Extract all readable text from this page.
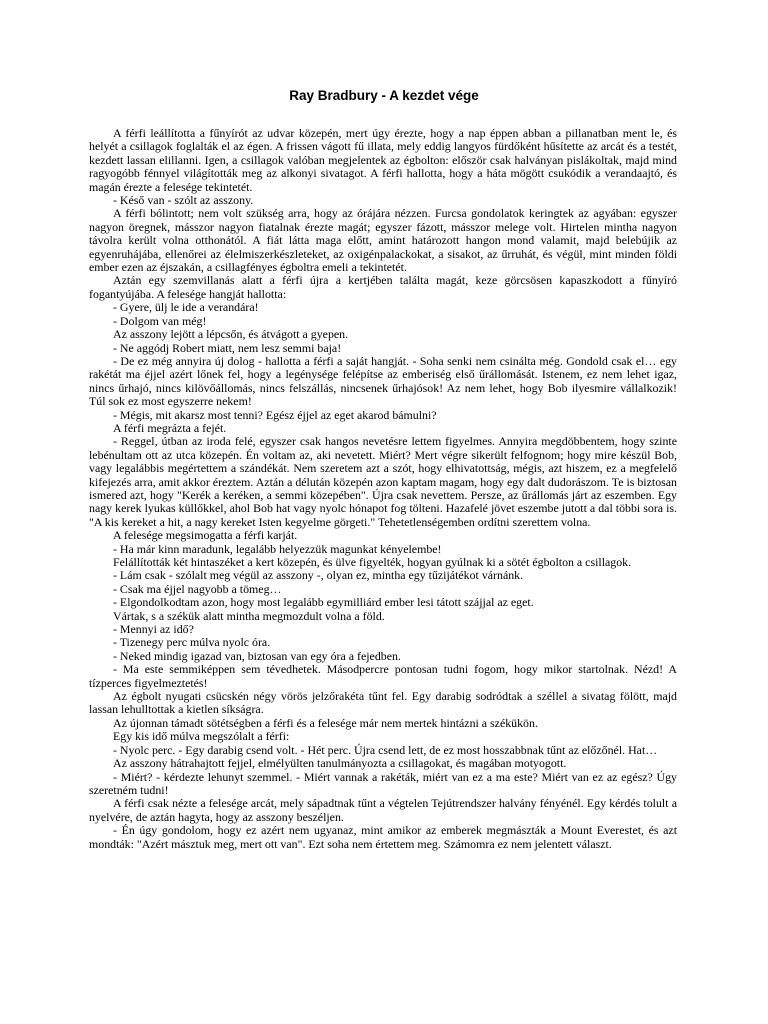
Ray Bradbury - A kezdet vége

A férfi leállította a fűnyírót az udvar közepén, mert úgy érezte, hogy a nap éppen abban a pillanatban ment le, és helyét a csillagok foglalták el az égen. A frissen vágott fű illata, mely eddig langyos fürdőként hűsítette az arcát és a testét, kezdett lassan elillanni. Igen, a csillagok valóban megjelentek az égbolton: először csak halványan pislákoltak, majd mind ragyogóbb fénnyel világították meg az alkonyi sivatagot. A férfi hallotta, hogy a háta mögött csukódik a verandaajtó, és magán érezte a felesége tekintetét.

- Késő van - szólt az asszony.

A férfi bólintott; nem volt szükség arra, hogy az órájára nézzen. Furcsa gondolatok keringtek az agyában: egyszer nagyon öregnek, másszor nagyon fiatalnak érezte magát; egyszer fázott, másszor melege volt. Hirtelen mintha nagyon távolra került volna otthonától. A fiát látta maga előtt, amint határozott hangon mond valamit, majd belebújik az egyenruhájába, ellenőrei az élelmiszerkészleteket, az oxigénpalackokat, a sisakot, az űrruhát, és végül, mint minden földi ember ezen az éjszakán, a csillagfényes égboltra emeli a tekintetét.

Aztán egy szemvillanás alatt a férfi újra a kertjében találta magát, keze görcsösen kapaszkodott a fűnyíró fogantyújába. A felesége hangját hallotta:

- Gyere, ülj le ide a verandára!

- Dolgom van még!

Az asszony lejött a lépcsőn, és átvágott a gyepen.

- Ne aggódj Robert miatt, nem lesz semmi baja!

- De ez még annyira új dolog - hallotta a férfi a saját hangját. - Soha senki nem csinálta még. Gondold csak el… egy rakétát ma éjjel azért lőnek fel, hogy a legénysége felépítse az emberiség első űrállomását. Istenem, ez nem lehet igaz, nincs űrhajó, nincs kilövőállomás, nincs felszállás, nincsenek űrhajósok! Az nem lehet, hogy Bob ilyesmire vállalkozik! Túl sok ez most egyszerre nekem!

- Mégis, mit akarsz most tenni? Egész éjjel az eget akarod bámulni?

A férfi megrázta a fejét.

- Reggel, útban az iroda felé, egyszer csak hangos nevetésre lettem figyelmes. Annyira megdöbbentem, hogy szinte lebénultam ott az utca közepén. Én voltam az, aki nevetett. Miért? Mert végre sikerült felfognom; hogy mire készül Bob, vagy legalábbis megértettem a szándékát. Nem szeretem azt a szót, hogy elhivatottság, mégis, azt hiszem, ez a megfelelő kifejezés arra, amit akkor éreztem. Aztán a délután közepén azon kaptam magam, hogy egy dalt dudorászom. Te is biztosan ismered azt, hogy "Kerék a keréken, a semmi közepében". Újra csak nevettem. Persze, az űrállomás járt az eszemben. Egy nagy kerek lyukas küllőkkel, ahol Bob hat vagy nyolc hónapot fog tölteni. Hazafelé jövet eszembe jutott a dal többi sora is. "A kis kereket a hit, a nagy kereket Isten kegyelme görgeti." Tehetetlenségemben ordítni szerettem volna.

A felesége megsimogatta a férfi karját.

- Ha már kinn maradunk, legalább helyezzük magunkat kényelembe!

Felállították két hintaszéket a kert közepén, és ülve figyelték, hogyan gyúlnak ki a sötét égbolton a csillagok.

- Lám csak - szólalt meg végül az asszony -, olyan ez, mintha egy tűzijátékot várnánk.

- Csak ma éjjel nagyobb a tömeg…

- Elgondolkodtam azon, hogy most legalább egymilliárd ember lesi tátott szájjal az eget.

Vártak, s a székük alatt mintha megmozdult volna a föld.

- Mennyi az idő?

- Tizenegy perc múlva nyolc óra.

- Neked mindig igazad van, biztosan van egy óra a fejedben.

- Ma este semmiképpen sem tévedhetek. Másodpercre pontosan tudni fogom, hogy mikor startolnak. Nézd! A tízperces figyelmeztetés!

Az égbolt nyugati csücskén négy vörös jelzőrakéta tűnt fel. Egy darabig sodródtak a széllel a sivatag fölött, majd lassan lehulltottak a kietlen síkságra.

Az újonnan támadt sötétségben a férfi és a felesége már nem mertek hintázni a székükön.

Egy kis idő múlva megszólalt a férfi:

- Nyolc perc. - Egy darabig csend volt. - Hét perc. Újra csend lett, de ez most hosszabbnak tűnt az előzőnél. Hat…

Az asszony hátrahajtott fejjel, elmélyülten tanulmányozta a csillagokat, és magában motyogott.

- Miért? - kérdezte lehunyt szemmel. - Miért vannak a rakéták, miért van ez a ma este? Miért van ez az egész? Úgy szeretném tudni!

A férfi csak nézte a felesége arcát, mely sápadtnak tűnt a végtelen Tejútrendszer halvány fényénél. Egy kérdés tolult a nyelvére, de aztán hagyta, hogy az asszony beszéljen.

- Én úgy gondolom, hogy ez azért nem ugyanaz, mint amikor az emberek megmászták a Mount Everestet, és azt mondták: "Azért másztuk meg, mert ott van". Ezt soha nem értettem meg. Számomra ez nem jelentett választ.
